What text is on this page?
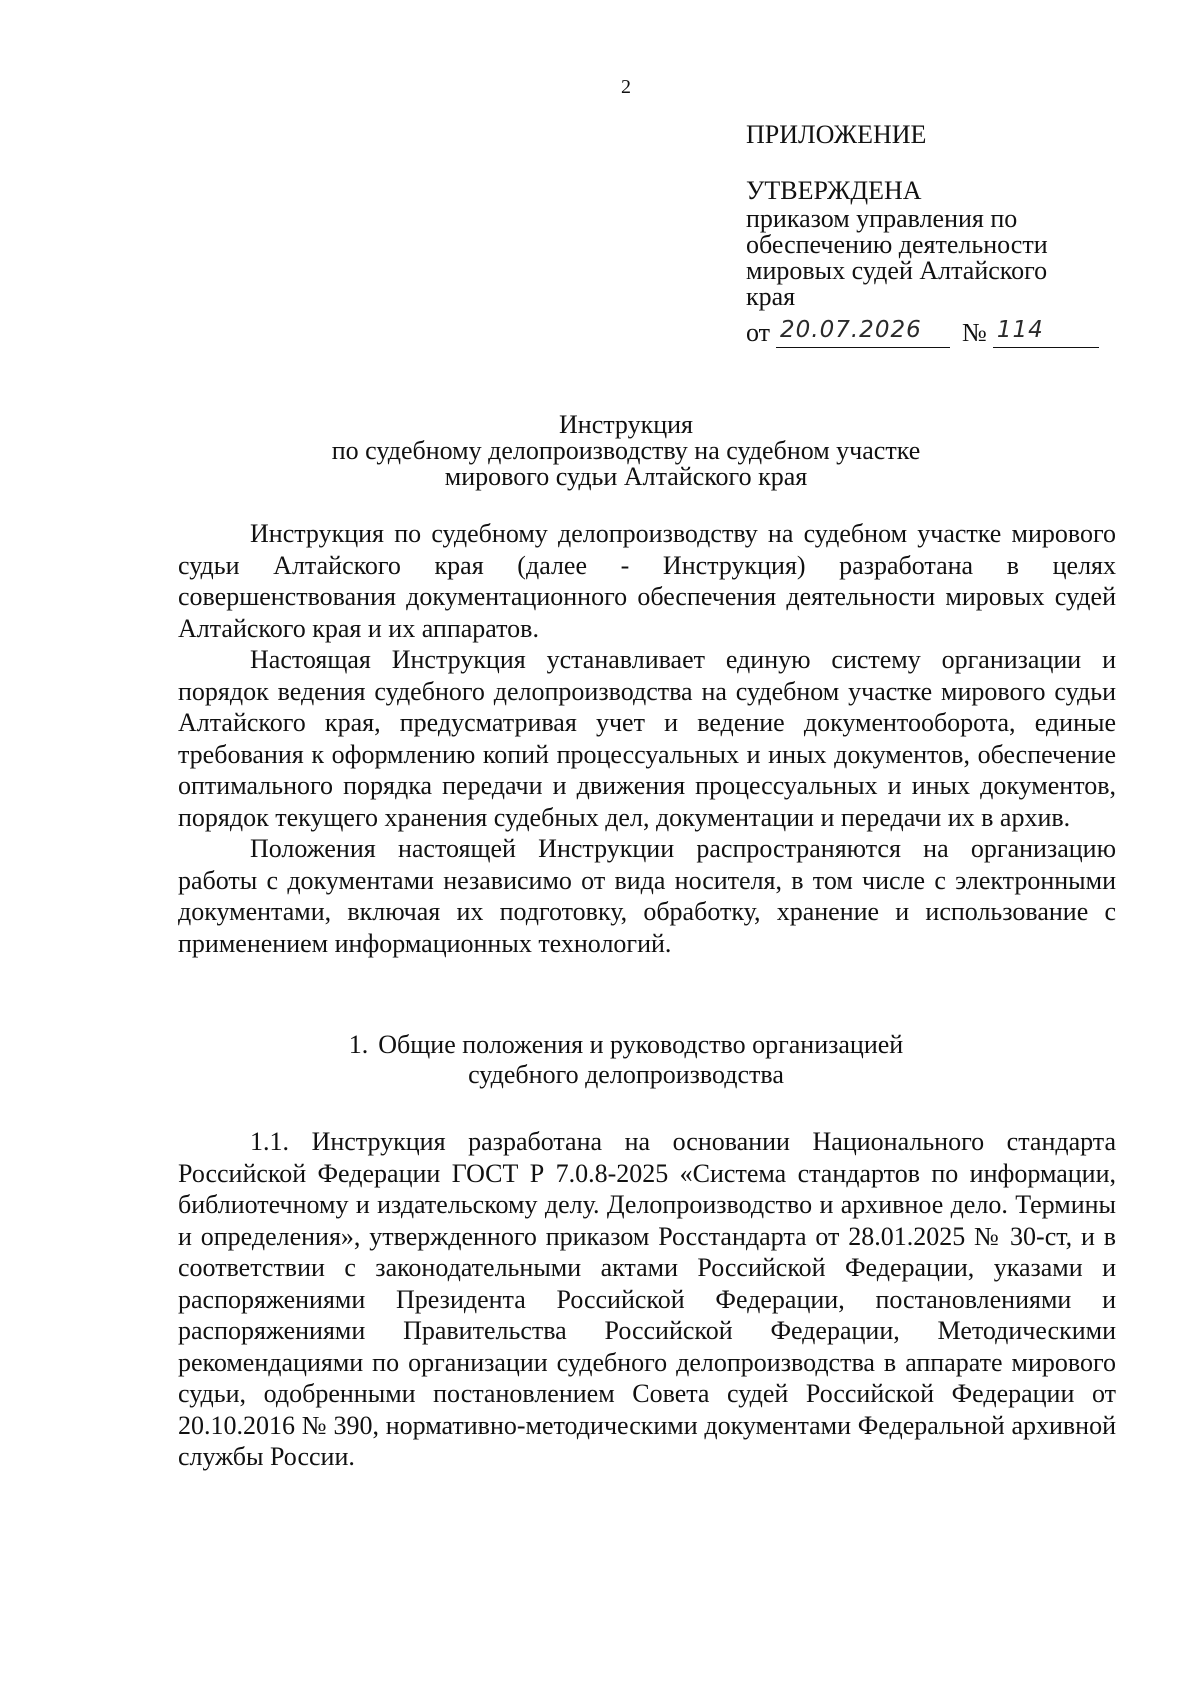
2
ПРИЛОЖЕНИЕ
УТВЕРЖДЕНА
приказом управления по
обеспечению деятельности
мировых судей Алтайского
края
от 20.07.2026 № 114
Инструкция
по судебному делопроизводству на судебном участке
мирового судьи Алтайского края

Инструкция по судебному делопроизводству на судебном участке мирового судьи Алтайского края (далее - Инструкция) разработана в целях совершенствования документационного обеспечения деятельности мировых судей Алтайского края и их аппаратов.

Настоящая Инструкция устанавливает единую систему организации и порядок ведения судебного делопроизводства на судебном участке мирового судьи Алтайского края, предусматривая учет и ведение документооборота, единые требования к оформлению копий процессуальных и иных документов, обеспечение оптимального порядка передачи и движения процессуальных и иных документов, порядок текущего хранения судебных дел, документации и передачи их в архив.

Положения настоящей Инструкции распространяются на организацию работы с документами независимо от вида носителя, в том числе с электронными документами, включая их подготовку, обработку, хранение и использование с применением информационных технологий.

1. Общие положения и руководство организацией
судебного делопроизводства

1.1. Инструкция разработана на основании Национального стандарта Российской Федерации ГОСТ Р 7.0.8-2025 «Система стандартов по информации, библиотечному и издательскому делу. Делопроизводство и архивное дело. Термины и определения», утвержденного приказом Росстандарта от 28.01.2025 № 30-ст, и в соответствии с законодательными актами Российской Федерации, указами и распоряжениями Президента Российской Федерации, постановлениями и распоряжениями Правительства Российской Федерации, Методическими рекомендациями по организации судебного делопроизводства в аппарате мирового судьи, одобренными постановлением Совета судей Российской Федерации от 20.10.2016 № 390, нормативно-методическими документами Федеральной архивной службы России.
